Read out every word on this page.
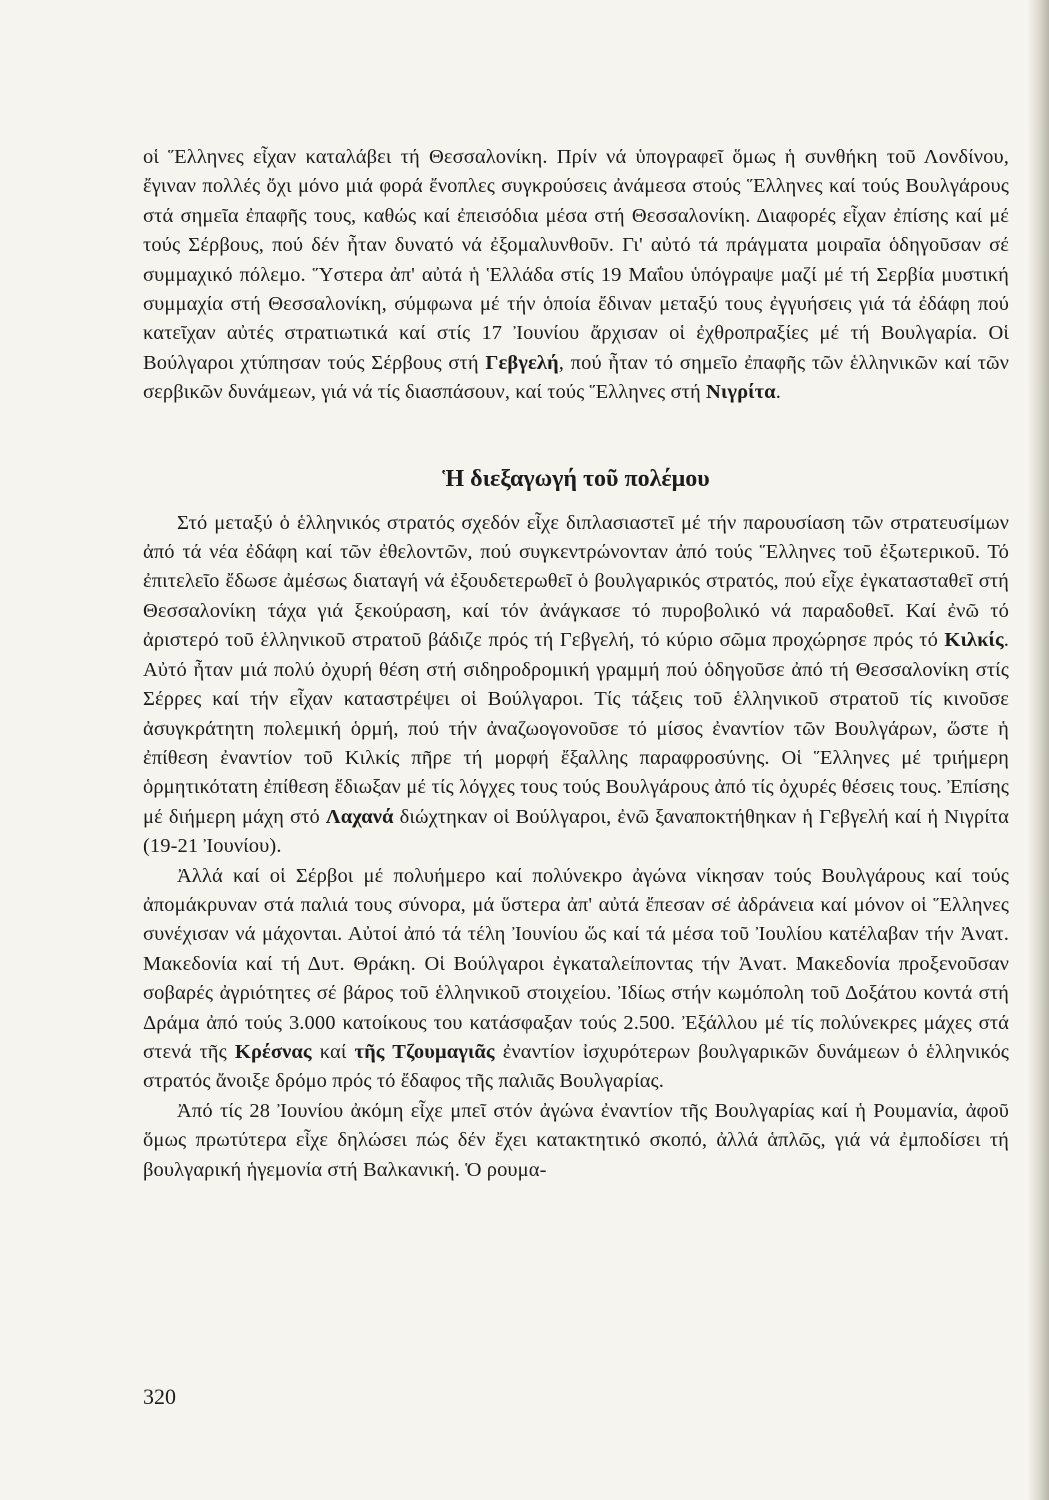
οἱ Ἕλληνες εἶχαν καταλάβει τή Θεσσαλονίκη. Πρίν νά ὑπογραφεῖ ὅμως ἡ συνθήκη τοῦ Λονδίνου, ἔγιναν πολλές ὄχι μόνο μιά φορά ἔνοπλες συγκρούσεις ἀνάμεσα στούς Ἕλληνες καί τούς Βουλγάρους στά σημεῖα ἐπαφῆς τους, καθώς καί ἐπεισόδια μέσα στή Θεσσαλονίκη. Διαφορές εἶχαν ἐπίσης καί μέ τούς Σέρβους, πού δέν ἦταν δυνατό νά ἐξομαλυνθοῦν. Γι' αὐτό τά πράγματα μοιραῖα ὁδηγοῦσαν σέ συμμαχικό πόλεμο. Ὕστερα ἀπ' αὐτά ἡ Ἑλλάδα στίς 19 Μαΐου ὑπόγραψε μαζί μέ τή Σερβία μυστική συμμαχία στή Θεσσαλονίκη, σύμφωνα μέ τήν ὁποία ἔδιναν μεταξύ τους ἐγγυήσεις γιά τά ἐδάφη πού κατεῖχαν αὐτές στρατιωτικά καί στίς 17 Ἰουνίου ἄρχισαν οἱ ἐχθροπραξίες μέ τή Βουλγαρία. Οἱ Βούλγαροι χτύπησαν τούς Σέρβους στή Γεβγελή, πού ἦταν τό σημεῖο ἐπαφῆς τῶν ἑλληνικῶν καί τῶν σερβικῶν δυνάμεων, γιά νά τίς διασπάσουν, καί τούς Ἕλληνες στή Νιγρίτα.

Ἡ διεξαγωγή τοῦ πολέμου

Στό μεταξύ ὁ ἑλληνικός στρατός σχεδόν εἶχε διπλασιαστεῖ μέ τήν παρουσίαση τῶν στρατευσίμων ἀπό τά νέα ἐδάφη καί τῶν ἐθελοντῶν, πού συγκεντρώνονταν ἀπό τούς Ἕλληνες τοῦ ἐξωτερικοῦ. Τό ἐπιτελεῖο ἔδωσε ἀμέσως διαταγή νά ἐξουδετερωθεῖ ὁ βουλγαρικός στρατός, πού εἶχε ἐγκατασταθεῖ στή Θεσσαλονίκη τάχα γιά ξεκούραση, καί τόν ἀνάγκασε τό πυροβολικό νά παραδοθεῖ. Καί ἐνῶ τό ἀριστερό τοῦ ἑλληνικοῦ στρατοῦ βάδιζε πρός τή Γεβγελή, τό κύριο σῶμα προχώρησε πρός τό Κιλκίς. Αὐτό ἦταν μιά πολύ ὀχυρή θέση στή σιδηροδρομική γραμμή πού ὁδηγοῦσε ἀπό τή Θεσσαλονίκη στίς Σέρρες καί τήν εἶχαν καταστρέψει οἱ Βούλγαροι. Τίς τάξεις τοῦ ἑλληνικοῦ στρατοῦ τίς κινοῦσε ἀσυγκράτητη πολεμική ὁρμή, πού τήν ἀναζωογονοῦσε τό μίσος ἐναντίον τῶν Βουλγάρων, ὥστε ἡ ἐπίθεση ἐναντίον τοῦ Κιλκίς πῆρε τή μορφή ἔξαλλης παραφροσύνης. Οἱ Ἕλληνες μέ τριήμερη ὁρμητικότατη ἐπίθεση ἔδιωξαν μέ τίς λόγχες τους τούς Βουλγάρους ἀπό τίς ὀχυρές θέσεις τους. Ἐπίσης μέ διήμερη μάχη στό Λαχανά διώχτηκαν οἱ Βούλγαροι, ἐνῶ ξαναποκτήθηκαν ἡ Γεβγελή καί ἡ Νιγρίτα (19-21 Ἰουνίου).

Ἀλλά καί οἱ Σέρβοι μέ πολυήμερο καί πολύνεκρο ἀγώνα νίκησαν τούς Βουλγάρους καί τούς ἀπομάκρυναν στά παλιά τους σύνορα, μά ὕστερα ἀπ' αὐτά ἔπεσαν σέ ἀδράνεια καί μόνον οἱ Ἕλληνες συνέχισαν νά μάχονται. Αὐτοί ἀπό τά τέλη Ἰουνίου ὥς καί τά μέσα τοῦ Ἰουλίου κατέλαβαν τήν Ἀνατ. Μακεδονία καί τή Δυτ. Θράκη. Οἱ Βούλγαροι ἐγκαταλείποντας τήν Ἀνατ. Μακεδονία προξενοῦσαν σοβαρές ἀγριότητες σέ βάρος τοῦ ἑλληνικοῦ στοιχείου. Ἰδίως στήν κωμόπολη τοῦ Δοξάτου κοντά στή Δράμα ἀπό τούς 3.000 κατοίκους του κατάσφαξαν τούς 2.500. Ἐξάλλου μέ τίς πολύνεκρες μάχες στά στενά τῆς Κρέσνας καί τῆς Τζουμαγιᾶς ἐναντίον ἰσχυρότερων βουλγαρικῶν δυνάμεων ὁ ἑλληνικός στρατός ἄνοιξε δρόμο πρός τό ἔδαφος τῆς παλιᾶς Βουλγαρίας.

Ἀπό τίς 28 Ἰουνίου ἀκόμη εἶχε μπεῖ στόν ἀγώνα ἐναντίον τῆς Βουλγαρίας καί ἡ Ρουμανία, ἀφοῦ ὅμως πρωτύτερα εἶχε δηλώσει πώς δέν ἔχει κατακτητικό σκοπό, ἀλλά ἁπλῶς, γιά νά ἐμποδίσει τή βουλγαρική ἡγεμονία στή Βαλκανική. Ὁ ρουμα-

320
